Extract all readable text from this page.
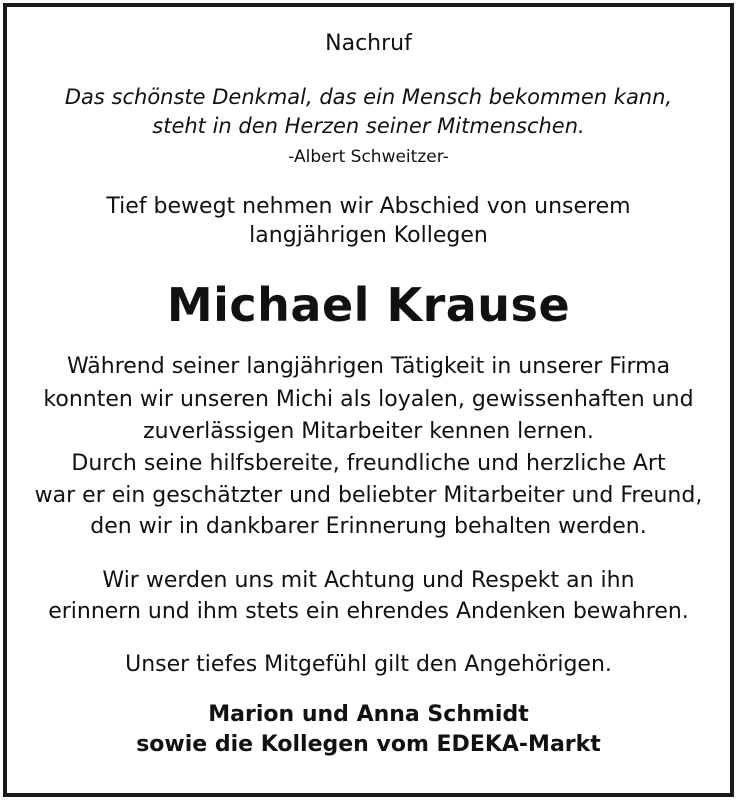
Nachruf
Das schönste Denkmal, das ein Mensch bekommen kann,
steht in den Herzen seiner Mitmenschen.
-Albert Schweitzer-
Tief bewegt nehmen wir Abschied von unserem
langjährigen Kollegen
Michael Krause
Während seiner langjährigen Tätigkeit in unserer Firma
konnten wir unseren Michi als loyalen, gewissenhaften und
zuverlässigen Mitarbeiter kennen lernen.
Durch seine hilfsbereite, freundliche und herzliche Art
war er ein geschätzter und beliebter Mitarbeiter und Freund,
den wir in dankbarer Erinnerung behalten werden.
Wir werden uns mit Achtung und Respekt an ihn
erinnern und ihm stets ein ehrendes Andenken bewahren.
Unser tiefes Mitgefühl gilt den Angehörigen.
Marion und Anna Schmidt
sowie die Kollegen vom EDEKA-Markt
